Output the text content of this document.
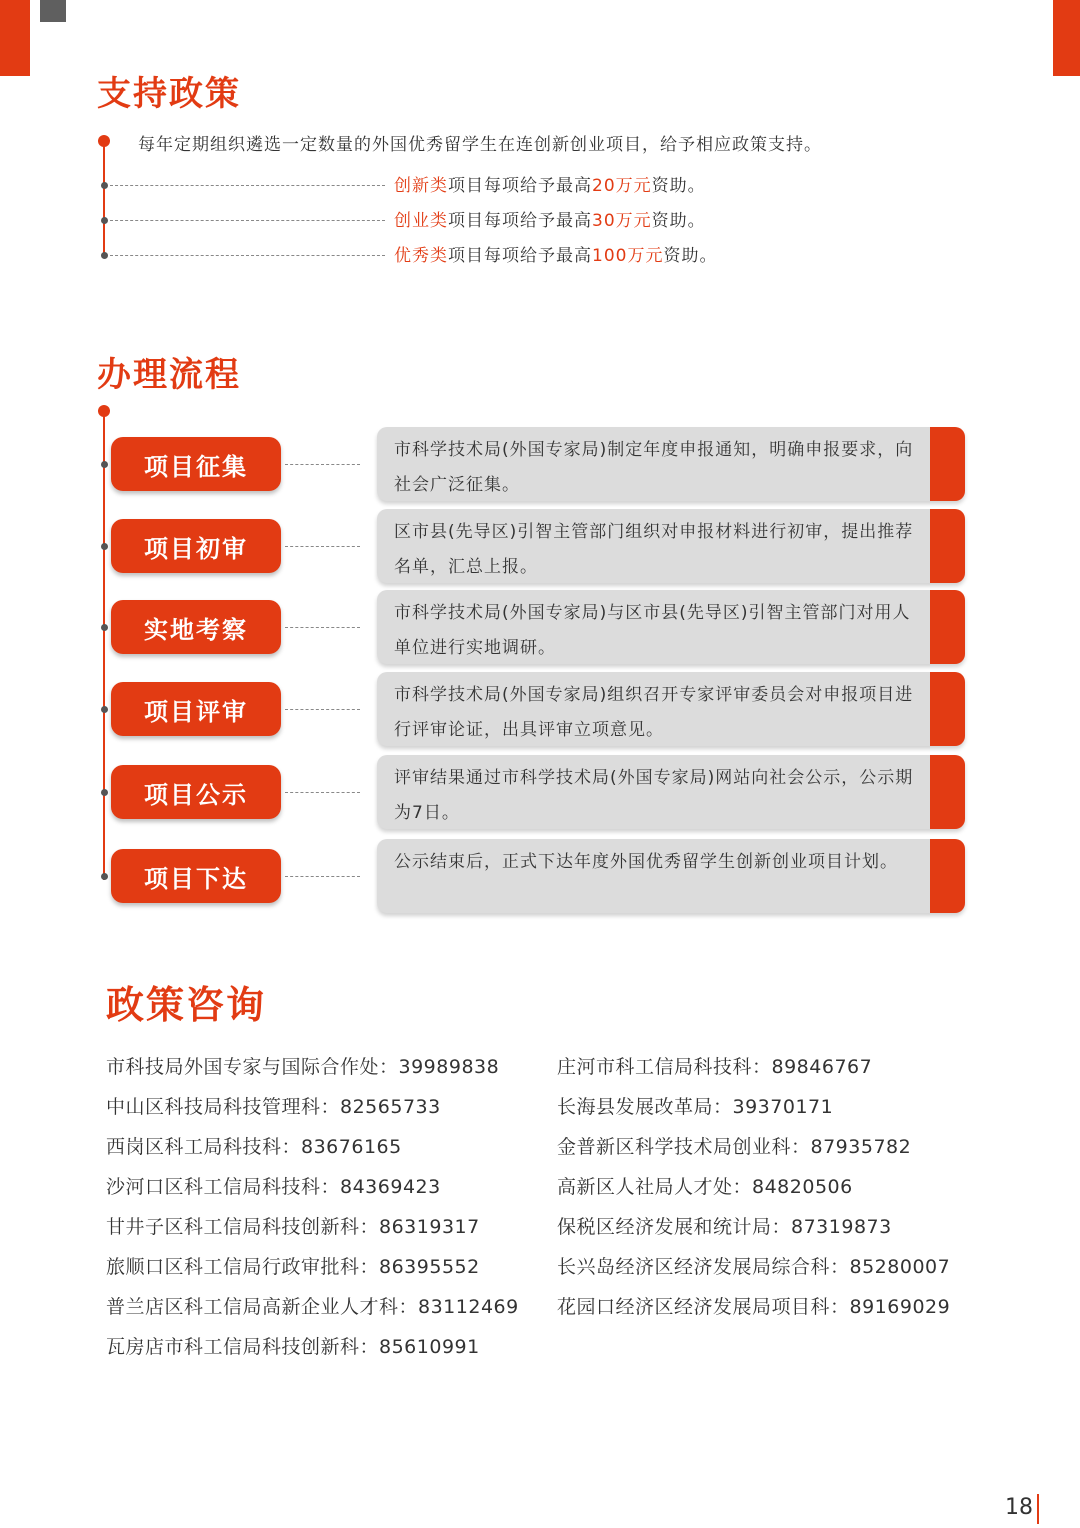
支持政策
每年定期组织遴选一定数量的外国优秀留学生在连创新创业项目，给予相应政策支持。
创新类项目每项给予最高20万元资助。
创业类项目每项给予最高30万元资助。
优秀类项目每项给予最高100万元资助。
办理流程
项目征集
市科学技术局(外国专家局)制定年度申报通知，明确申报要求，向社会广泛征集。
项目初审
区市县(先导区)引智主管部门组织对申报材料进行初审，提出推荐名单，汇总上报。
实地考察
市科学技术局(外国专家局)与区市县(先导区)引智主管部门对用人单位进行实地调研。
项目评审
市科学技术局(外国专家局)组织召开专家评审委员会对申报项目进行评审论证，出具评审立项意见。
项目公示
评审结果通过市科学技术局(外国专家局)网站向社会公示，公示期为7日。
项目下达
公示结束后，正式下达年度外国优秀留学生创新创业项目计划。
政策咨询
市科技局外国专家与国际合作处：39989838
中山区科技局科技管理科：82565733
西岗区科工局科技科：83676165
沙河口区科工信局科技科：84369423
甘井子区科工信局科技创新科：86319317
旅顺口区科工信局行政审批科：86395552
普兰店区科工信局高新企业人才科：83112469
瓦房店市科工信局科技创新科：85610991
庄河市科工信局科技科：89846767
长海县发展改革局：39370171
金普新区科学技术局创业科：87935782
高新区人社局人才处：84820506
保税区经济发展和统计局：87319873
长兴岛经济区经济发展局综合科：85280007
花园口经济区经济发展局项目科：89169029
18
